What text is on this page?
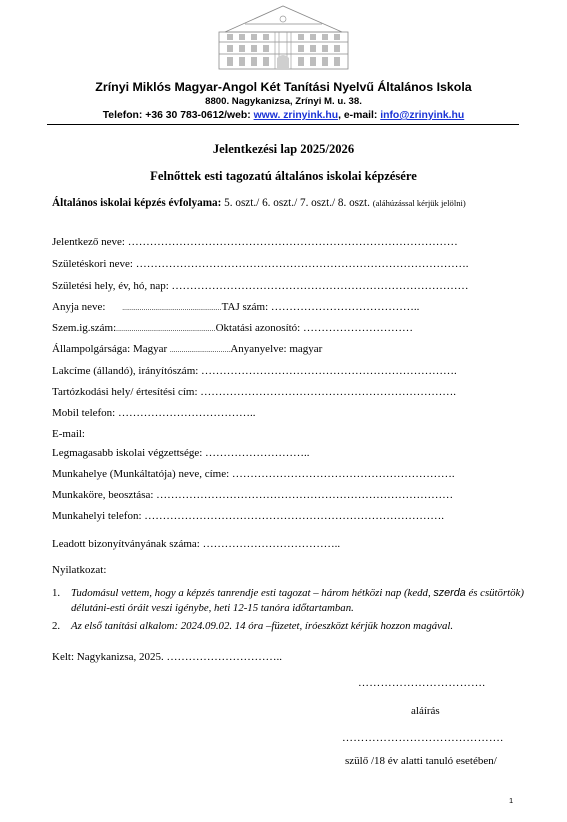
Zrínyi Miklós Magyar-Angol Két Tanítási Nyelvű Általános Iskola
8800. Nagykanizsa, Zrínyi M. u. 38.
Telefon: +36 30 783-0612/web: www. zrinyink.hu, e-mail: info@zrinyink.hu
Jelentkezési lap 2025/2026
Felnőttek esti tagozatú általános iskolai képzésére
Általános iskolai képzés évfolyama: 5. oszt./ 6. oszt./ 7. oszt./ 8. oszt. (aláhúzással kérjük jelölni)
Jelentkező neve: ………………………………………………………………………………
Születéskori neve: ……………………………………………………………………………….
Születési hely, év, hó, nap: ………………………………………………………………………
Anyja neve: ...................................................TAJ szám: …………………………………..
Szem.ig.szám:...................................................Oktatási azonosító: …………………………
Állampolgársága: Magyar ...............................Anyanyelve: magyar
Lakcíme (állandó), irányítószám: …………………………………………………………….
Tartózkodási hely/ értesítési cím: …………………………………………………………….
Mobil telefon: ………………………………..
E-mail:
Legmagasabb iskolai végzettsége: ………………………..
Munkahelye (Munkáltatója) neve, címe: …………………………………………………….
Munkaköre, beosztása: ………………………………………………………………………
Munkahelyi telefon: ……………………………………………………………………….
Leadott bizonyítványának száma: ………………………………..
Nyilatkozat:
1. Tudomásul vettem, hogy a képzés tanrendje esti tagozat – három hétközi nap (kedd, szerda és csütörtök) délutáni-esti óráit veszi igénybe, heti 12-15 tanóra időtartamban.
2. Az első tanítási alkalom: 2024.09.02. 14 óra –füzetet, íróeszközt kérjük hozzon magával.
Kelt: Nagykanizsa, 2025. …………………………..
…………………………….
aláírás
…………………………………….
szülő /18 év alatti tanuló esetében/
1
